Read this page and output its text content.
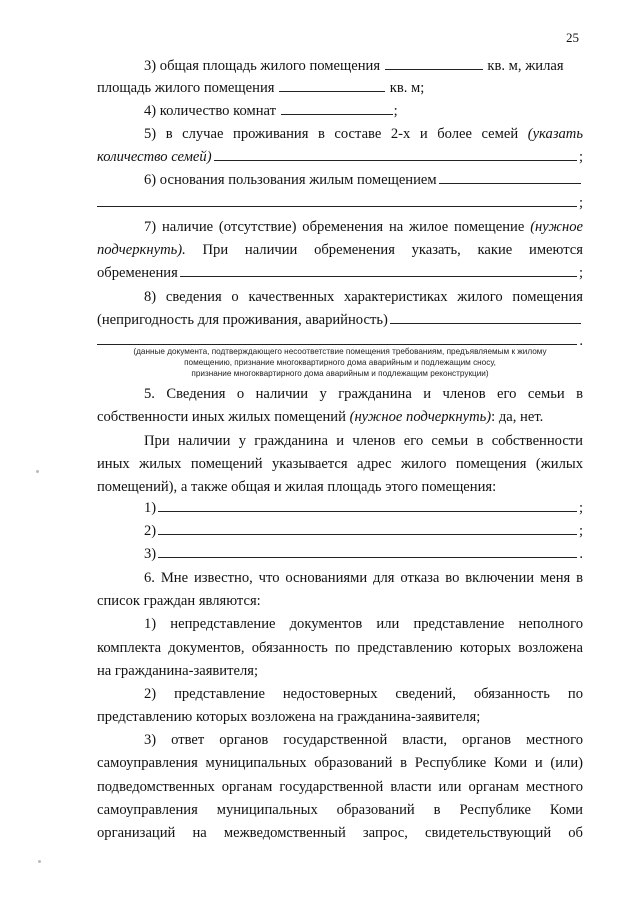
25
3) общая площадь жилого помещения	кв. м, жилая
площадь жилого помещения	кв. м;
4) количество комнат	;
5) в случае проживания в составе 2-х и более семей (указать
количество семей)	;
6) основания пользования жилым помещением
;
7) наличие (отсутствие) обременения на жилое помещение (нужное
подчеркнуть). При наличии обременения указать, какие имеются
обременения	;
8) сведения о качественных характеристиках жилого помещения
(непригодность для проживания, аварийность)
.
(данные документа, подтверждающего несоответствие помещения требованиям, предъявляемым к жилому
помещению, признание многоквартирного дома аварийным и подлежащим сносу,
признание многоквартирного дома аварийным и подлежащим реконструкции)
5. Сведения о наличии у гражданина и членов его семьи в
собственности иных жилых помещений (нужное подчеркнуть): да, нет.
При наличии у гражданина и членов его семьи в собственности
иных жилых помещений указывается адрес жилого помещения (жилых
помещений), а также общая и жилая площадь этого помещения:
1)	;
2)	;
3)	.
6. Мне известно, что основаниями для отказа во включении меня в
список граждан являются:
1) непредставление документов или представление неполного
комплекта документов, обязанность по представлению которых возложена
на гражданина-заявителя;
2) представление недостоверных сведений, обязанность по
представлению которых возложена на гражданина-заявителя;
3) ответ органов государственной власти, органов местного
самоуправления муниципальных образований в Республике Коми и (или)
подведомственных органам государственной власти или органам местного
самоуправления муниципальных образований в Республике Коми
организаций на межведомственный запрос, свидетельствующий об
